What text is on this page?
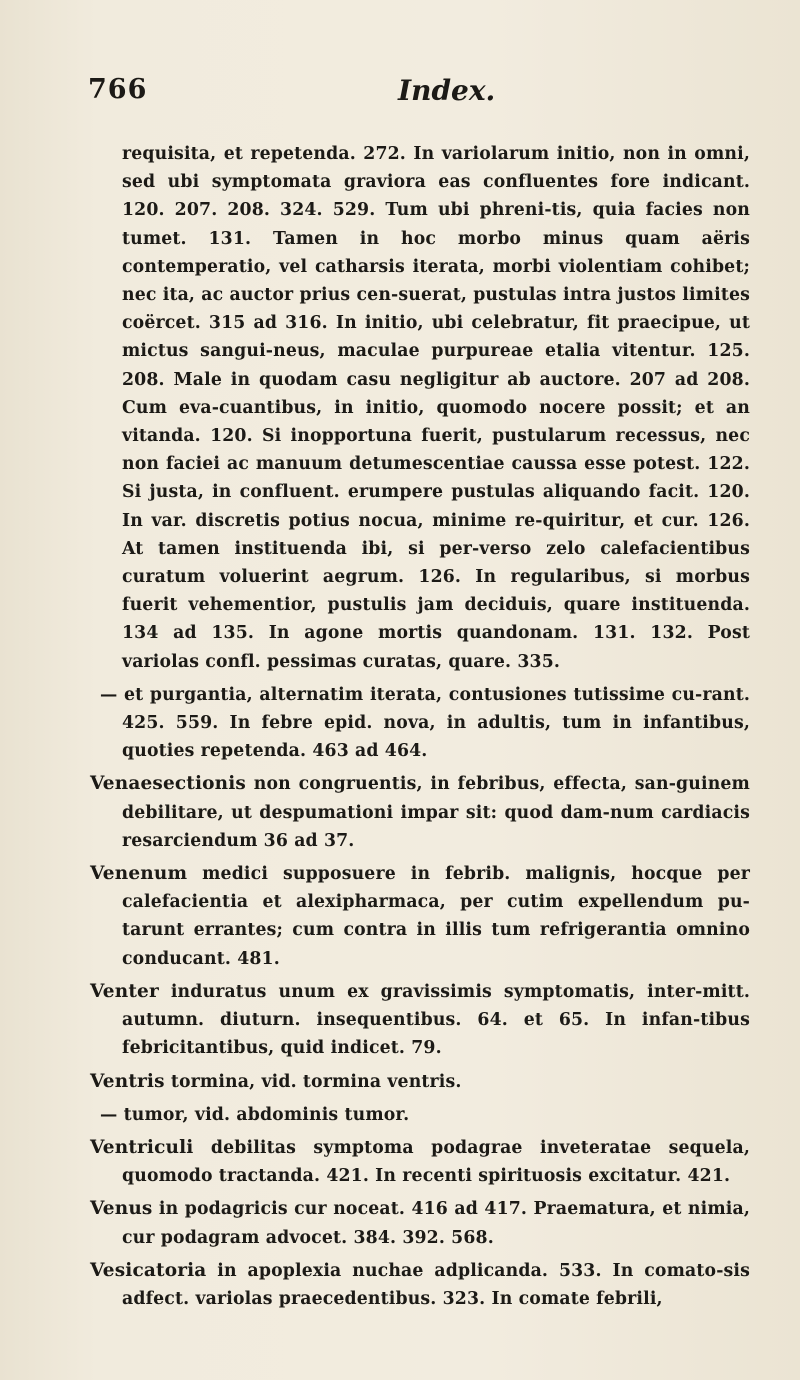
766	Index.

requisita, et repetenda. 272. In variolarum initio, non in omni, sed ubi symptomata graviora eas confluentes fore indicant. 120. 207. 208. 324. 529. Tum ubi phreni-tis, quia facies non tumet. 131. Tamen in hoc morbo minus quam aëris contemperatio, vel catharsis iterata, morbi violentiam cohibet; nec ita, ac auctor prius cen-suerat, pustulas intra justos limites coërcet. 315 ad 316. In initio, ubi celebratur, fit praecipue, ut mictus sangui-neus, maculae purpureae etalia vitentur. 125. 208. Male in quodam casu negligitur ab auctore. 207 ad 208. Cum eva-cuantibus, in initio, quomodo nocere possit; et an vitanda. 120. Si inopportuna fuerit, pustularum recessus, nec non faciei ac manuum detumescentiae caussa esse potest. 122. Si justa, in confluent. erumpere pustulas aliquando facit. 120. In var. discretis potius nocua, minime re-quiritur, et cur. 126. At tamen instituenda ibi, si per-verso zelo calefacientibus curatum voluerint aegrum. 126. In regularibus, si morbus fuerit vehementior, pustulis jam deciduis, quare instituenda. 134 ad 135. In agone mortis quandonam. 131. 132. Post variolas confl. pessimas curatas, quare. 335.

— et purgantia, alternatim iterata, contusiones tutissime cu-rant. 425. 559. In febre epid. nova, in adultis, tum in infantibus, quoties repetenda. 463 ad 464.

Venaesectionis non congruentis, in febribus, effecta, san-guinem debilitare, ut despumationi impar sit: quod dam-num cardiacis resarciendum 36 ad 37.

Venenum medici supposuere in febrib. malignis, hocque per calefacientia et alexipharmaca, per cutim expellendum pu-tarunt errantes; cum contra in illis tum refrigerantia omnino conducant. 481.

Venter induratus unum ex gravissimis symptomatis, inter-mitt. autumn. diuturn. insequentibus. 64. et 65. In infan-tibus febricitantibus, quid indicet. 79.

Ventris tormina, vid. tormina ventris.

— tumor, vid. abdominis tumor.

Ventriculi debilitas symptoma podagrae inveteratae sequela, quomodo tractanda. 421. In recenti spirituosis excitatur. 421.

Venus in podagricis cur noceat. 416 ad 417. Praematura, et nimia, cur podagram advocet. 384. 392. 568.

Vesicatoria in apoplexia nuchae adplicanda. 533. In comato-sis adfect. variolas praecedentibus. 323. In comate febrili,
